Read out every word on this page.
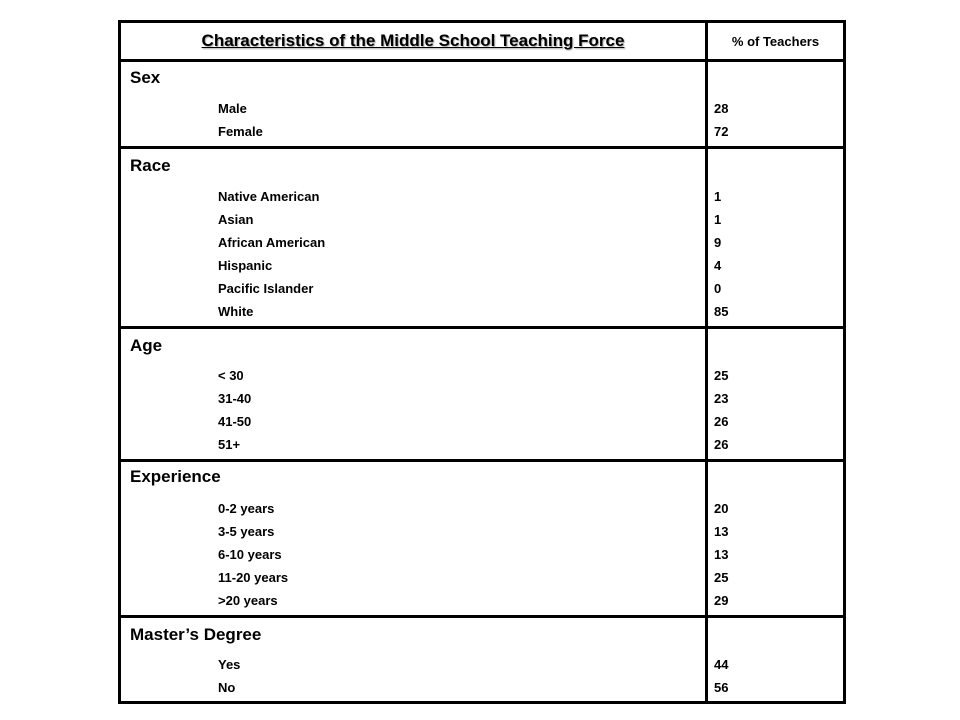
Characteristics of the Middle School Teaching Force	% of Teachers
Sex
Male	28
Female	72
Race
Native American	1
Asian	1
African American	9
Hispanic	4
Pacific Islander	0
White	85
Age
< 30	25
31-40	23
41-50	26
51+	26
Experience
0-2 years	20
3-5 years	13
6-10 years	13
11-20 years	25
>20 years	29
Master’s Degree
Yes	44
No	56
